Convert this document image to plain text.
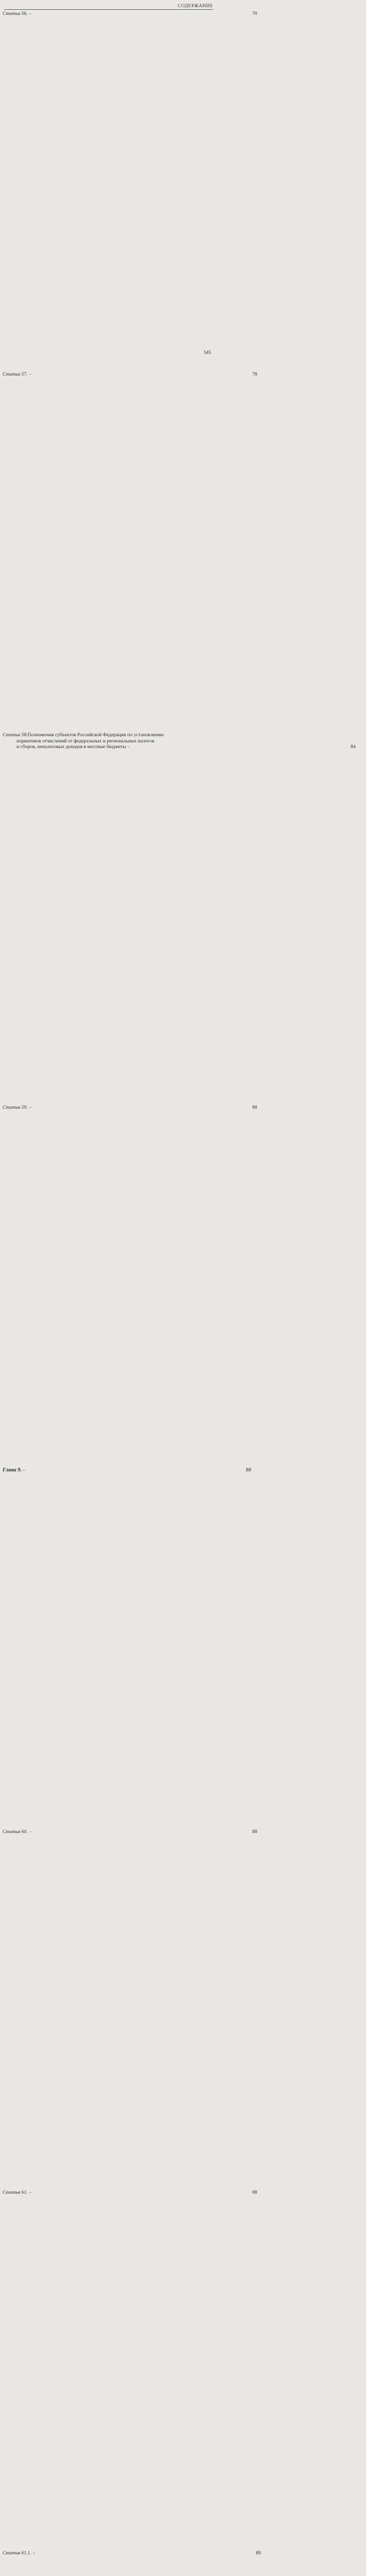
СОДЕРЖАНИЕ
Статья 56.	70
Статья 57.	78
Статья 58. Полномочия субъектов Российской Федерации по установлению
нормативов отчислений от федеральных и региональных налогов
и сборов, неналоговых доходов в местные бюджеты	84
Статья 59.	88
Глава 9.	88
Статья 60.	88
Статья 61.	88
Статья 61.1.	89
545
